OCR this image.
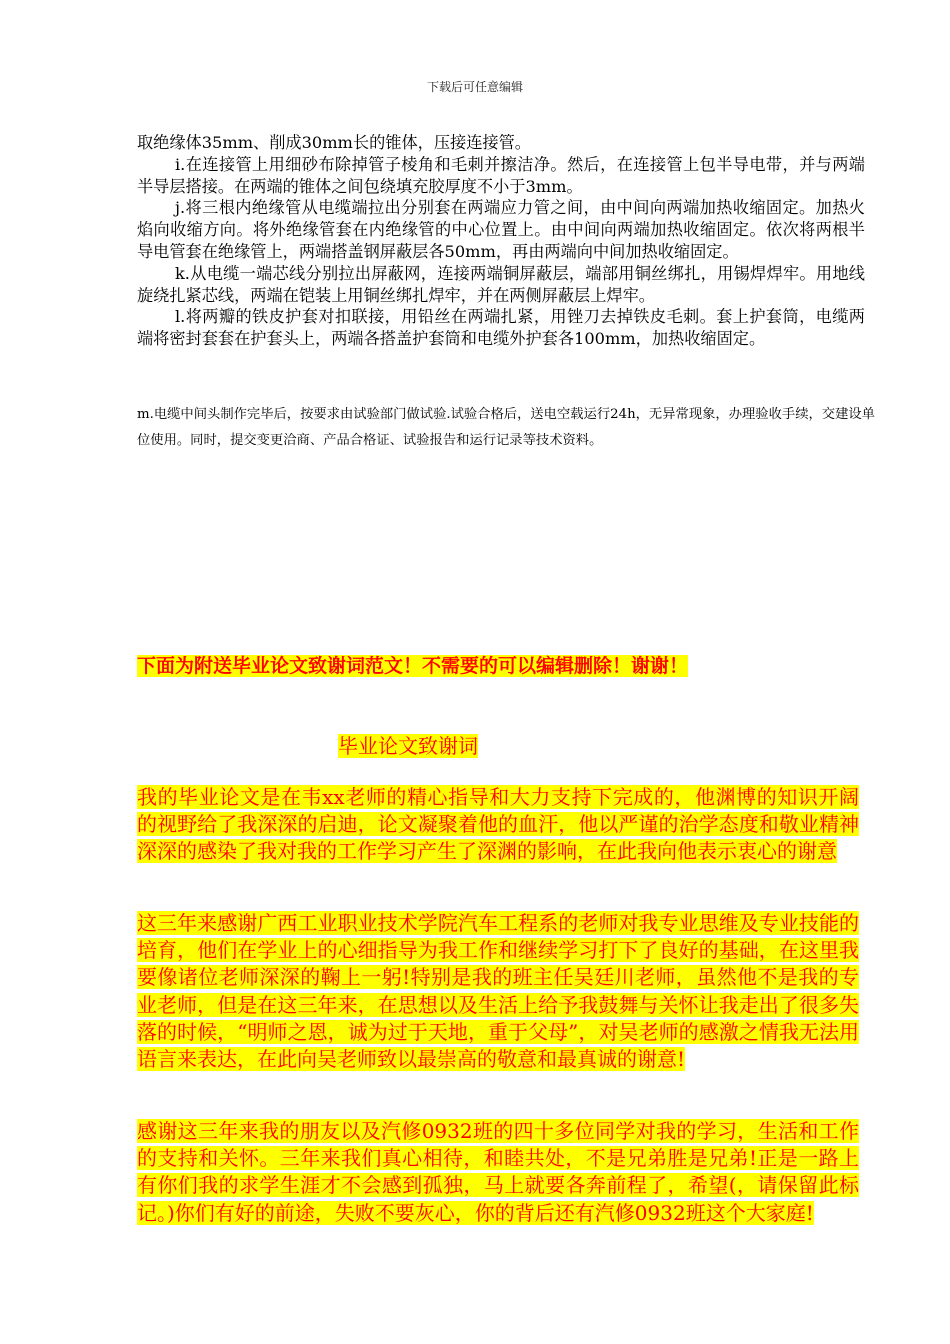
下载后可任意编辑

取绝缘体35mm、削成30mm长的锥体，压接连接管。

i.在连接管上用细砂布除掉管子棱角和毛刺并擦洁净。然后，在连接管上包半导电带，并与两端半导层搭接。在两端的锥体之间包绕填充胶厚度不小于3mm。

j.将三根内绝缘管从电缆端拉出分别套在两端应力管之间，由中间向两端加热收缩固定。加热火焰向收缩方向。将外绝缘管套在内绝缘管的中心位置上。由中间向两端加热收缩固定。依次将两根半导电管套在绝缘管上，两端搭盖钢屏蔽层各50mm，再由两端向中间加热收缩固定。

k.从电缆一端芯线分别拉出屏蔽网，连接两端铜屏蔽层，端部用铜丝绑扎，用锡焊焊牢。用地线旋绕扎紧芯线，两端在铠装上用铜丝绑扎焊牢，并在两侧屏蔽层上焊牢。

l.将两瓣的铁皮护套对扣联接，用铅丝在两端扎紧，用锉刀去掉铁皮毛刺。套上护套筒，电缆两端将密封套套在护套头上，两端各搭盖护套筒和电缆外护套各100mm，加热收缩固定。

m.电缆中间头制作完毕后，按要求由试验部门做试验.试验合格后，送电空载运行24h，无异常现象，办理验收手续，交建设单位使用。同时，提交变更洽商、产品合格证、试验报告和运行记录等技术资料。

下面为附送毕业论文致谢词范文！不需要的可以编辑删除！谢谢！
毕业论文致谢词

我的毕业论文是在韦xx老师的精心指导和大力支持下完成的，他渊博的知识开阔的视野给了我深深的启迪，论文凝聚着他的血汗，他以严谨的治学态度和敬业精神深深的感染了我对我的工作学习产生了深渊的影响，在此我向他表示衷心的谢意

这三年来感谢广西工业职业技术学院汽车工程系的老师对我专业思维及专业技能的培育，他们在学业上的心细指导为我工作和继续学习打下了良好的基础，在这里我要像诸位老师深深的鞠上一躬!特别是我的班主任吴廷川老师，虽然他不是我的专业老师，但是在这三年来，在思想以及生活上给予我鼓舞与关怀让我走出了很多失落的时候，“明师之恩，诚为过于天地，重于父母”，对吴老师的感激之情我无法用语言来表达，在此向吴老师致以最崇高的敬意和最真诚的谢意!

感谢这三年来我的朋友以及汽修0932班的四十多位同学对我的学习，生活和工作的支持和关怀。三年来我们真心相待，和睦共处，不是兄弟胜是兄弟!正是一路上有你们我的求学生涯才不会感到孤独，马上就要各奔前程了，希望(，请保留此标记。)你们有好的前途，失败不要灰心，你的背后还有汽修0932班这个大家庭!
